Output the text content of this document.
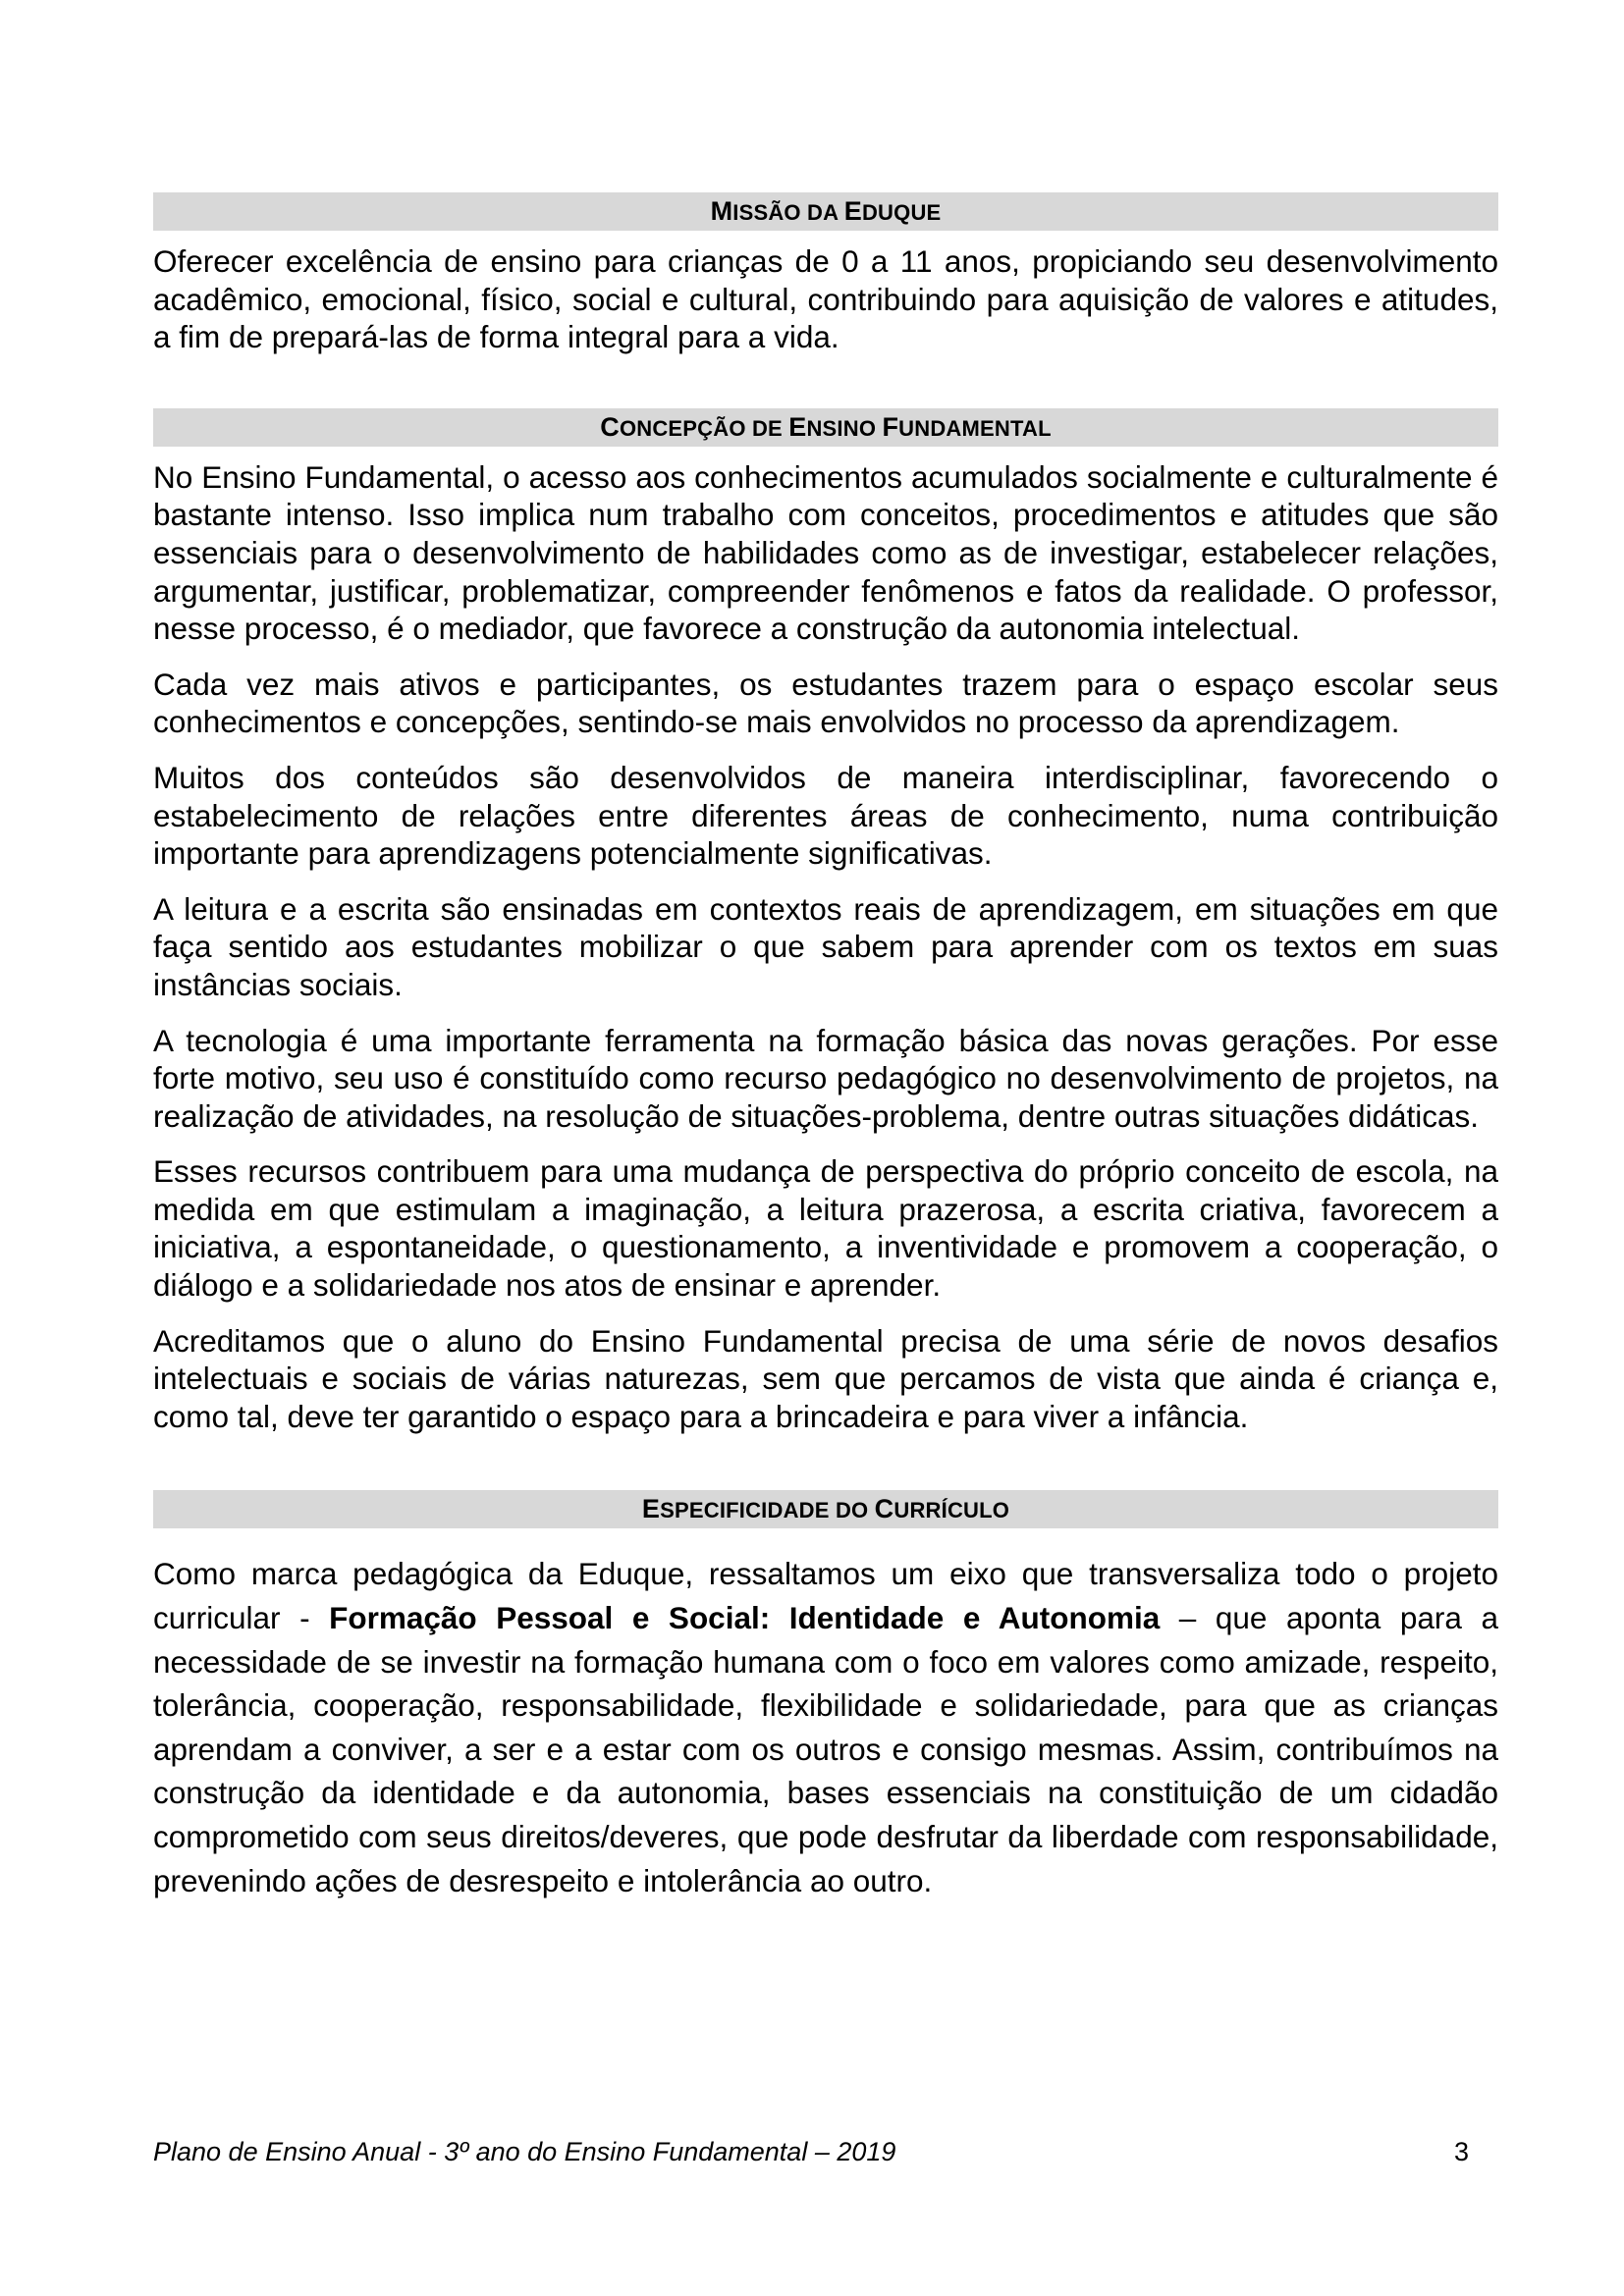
MISSÃO DA EDUQUE

Oferecer excelência de ensino para crianças de 0 a 11 anos, propiciando seu desenvolvimento acadêmico, emocional, físico, social e cultural, contribuindo para aquisição de valores e atitudes, a fim de prepará-las de forma integral para a vida.

CONCEPÇÃO DE ENSINO FUNDAMENTAL

No Ensino Fundamental, o acesso aos conhecimentos acumulados socialmente e culturalmente é bastante intenso. Isso implica num trabalho com conceitos, procedimentos e atitudes que são essenciais para o desenvolvimento de habilidades como as de investigar, estabelecer relações, argumentar, justificar, problematizar, compreender fenômenos e fatos da realidade. O professor, nesse processo, é o mediador, que favorece a construção da autonomia intelectual.

Cada vez mais ativos e participantes, os estudantes trazem para o espaço escolar seus conhecimentos e concepções, sentindo-se mais envolvidos no processo da aprendizagem.

Muitos dos conteúdos são desenvolvidos de maneira interdisciplinar, favorecendo o estabelecimento de relações entre diferentes áreas de conhecimento, numa contribuição importante para aprendizagens potencialmente significativas.

A leitura e a escrita são ensinadas em contextos reais de aprendizagem, em situações em que faça sentido aos estudantes mobilizar o que sabem para aprender com os textos em suas instâncias sociais.

A tecnologia é uma importante ferramenta na formação básica das novas gerações. Por esse forte motivo, seu uso é constituído como recurso pedagógico no desenvolvimento de projetos, na realização de atividades, na resolução de situações-problema, dentre outras situações didáticas.

Esses recursos contribuem para uma mudança de perspectiva do próprio conceito de escola, na medida em que estimulam a imaginação, a leitura prazerosa, a escrita criativa, favorecem a iniciativa, a espontaneidade, o questionamento, a inventividade e promovem a cooperação, o diálogo e a solidariedade nos atos de ensinar e aprender.

Acreditamos que o aluno do Ensino Fundamental precisa de uma série de novos desafios intelectuais e sociais de várias naturezas, sem que percamos de vista que ainda é criança e, como tal, deve ter garantido o espaço para a brincadeira e para viver a infância.

ESPECIFICIDADE DO CURRÍCULO

Como marca pedagógica da Eduque, ressaltamos um eixo que transversaliza todo o projeto curricular - Formação Pessoal e Social: Identidade e Autonomia – que aponta para a necessidade de se investir na formação humana com o foco em valores como amizade, respeito, tolerância, cooperação, responsabilidade, flexibilidade e solidariedade, para que as crianças aprendam a conviver, a ser e a estar com os outros e consigo mesmas. Assim, contribuímos na construção da identidade e da autonomia, bases essenciais na constituição de um cidadão comprometido com seus direitos/deveres, que pode desfrutar da liberdade com responsabilidade, prevenindo ações de desrespeito e intolerância ao outro.

Plano de Ensino Anual - 3º ano do Ensino Fundamental – 2019	3
